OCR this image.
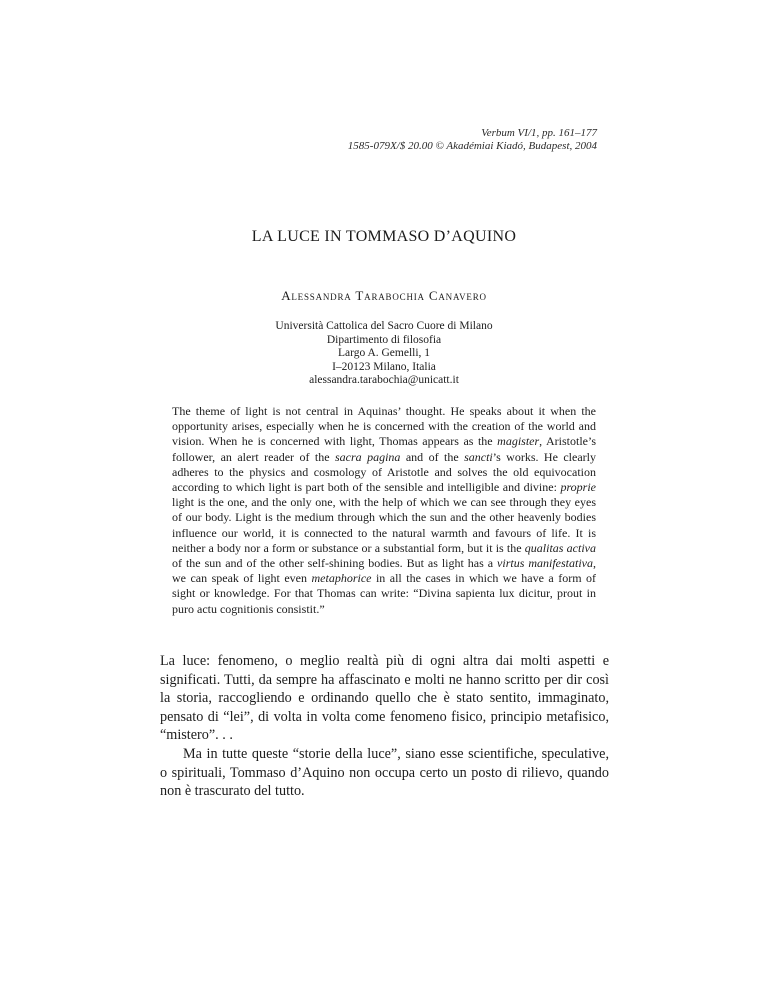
Verbum VI/1, pp. 161–177
1585-079X/$ 20.00 © Akadémiai Kiadó, Budapest, 2004
LA LUCE IN TOMMASO D’AQUINO
Alessandra Tarabochia Canavero
Università Cattolica del Sacro Cuore di Milano
Dipartimento di filosofia
Largo A. Gemelli, 1
I–20123 Milano, Italia
alessandra.tarabochia@unicatt.it
The theme of light is not central in Aquinas’ thought. He speaks about it when the opportunity arises, especially when he is concerned with the creation of the world and vision. When he is concerned with light, Thomas appears as the magister, Aristotle’s follower, an alert reader of the sacra pagina and of the sancti’s works. He clearly adheres to the physics and cosmology of Aristotle and solves the old equivocation according to which light is part both of the sensible and intelligible and divine: proprie light is the one, and the only one, with the help of which we can see through they eyes of our body. Light is the medium through which the sun and the other heavenly bodies influence our world, it is connected to the natural warmth and favours of life. It is neither a body nor a form or substance or a substantial form, but it is the qualitas activa of the sun and of the other self-shining bodies. But as light has a virtus manifestativa, we can speak of light even metaphorice in all the cases in which we have a form of sight or knowledge. For that Thomas can write: “Divina sapienta lux dicitur, prout in puro actu cognitionis consistit.”

La luce: fenomeno, o meglio realtà più di ogni altra dai molti aspetti e significati. Tutti, da sempre ha affascinato e molti ne hanno scritto per dir così la storia, raccogliendo e ordinando quello che è stato sentito, immaginato, pensato di “lei”, di volta in volta come fenomeno fisico, principio metafisico, “mistero”. . .

Ma in tutte queste “storie della luce”, siano esse scientifiche, speculative, o spirituali, Tommaso d’Aquino non occupa certo un posto di rilievo, quando non è trascurato del tutto.
